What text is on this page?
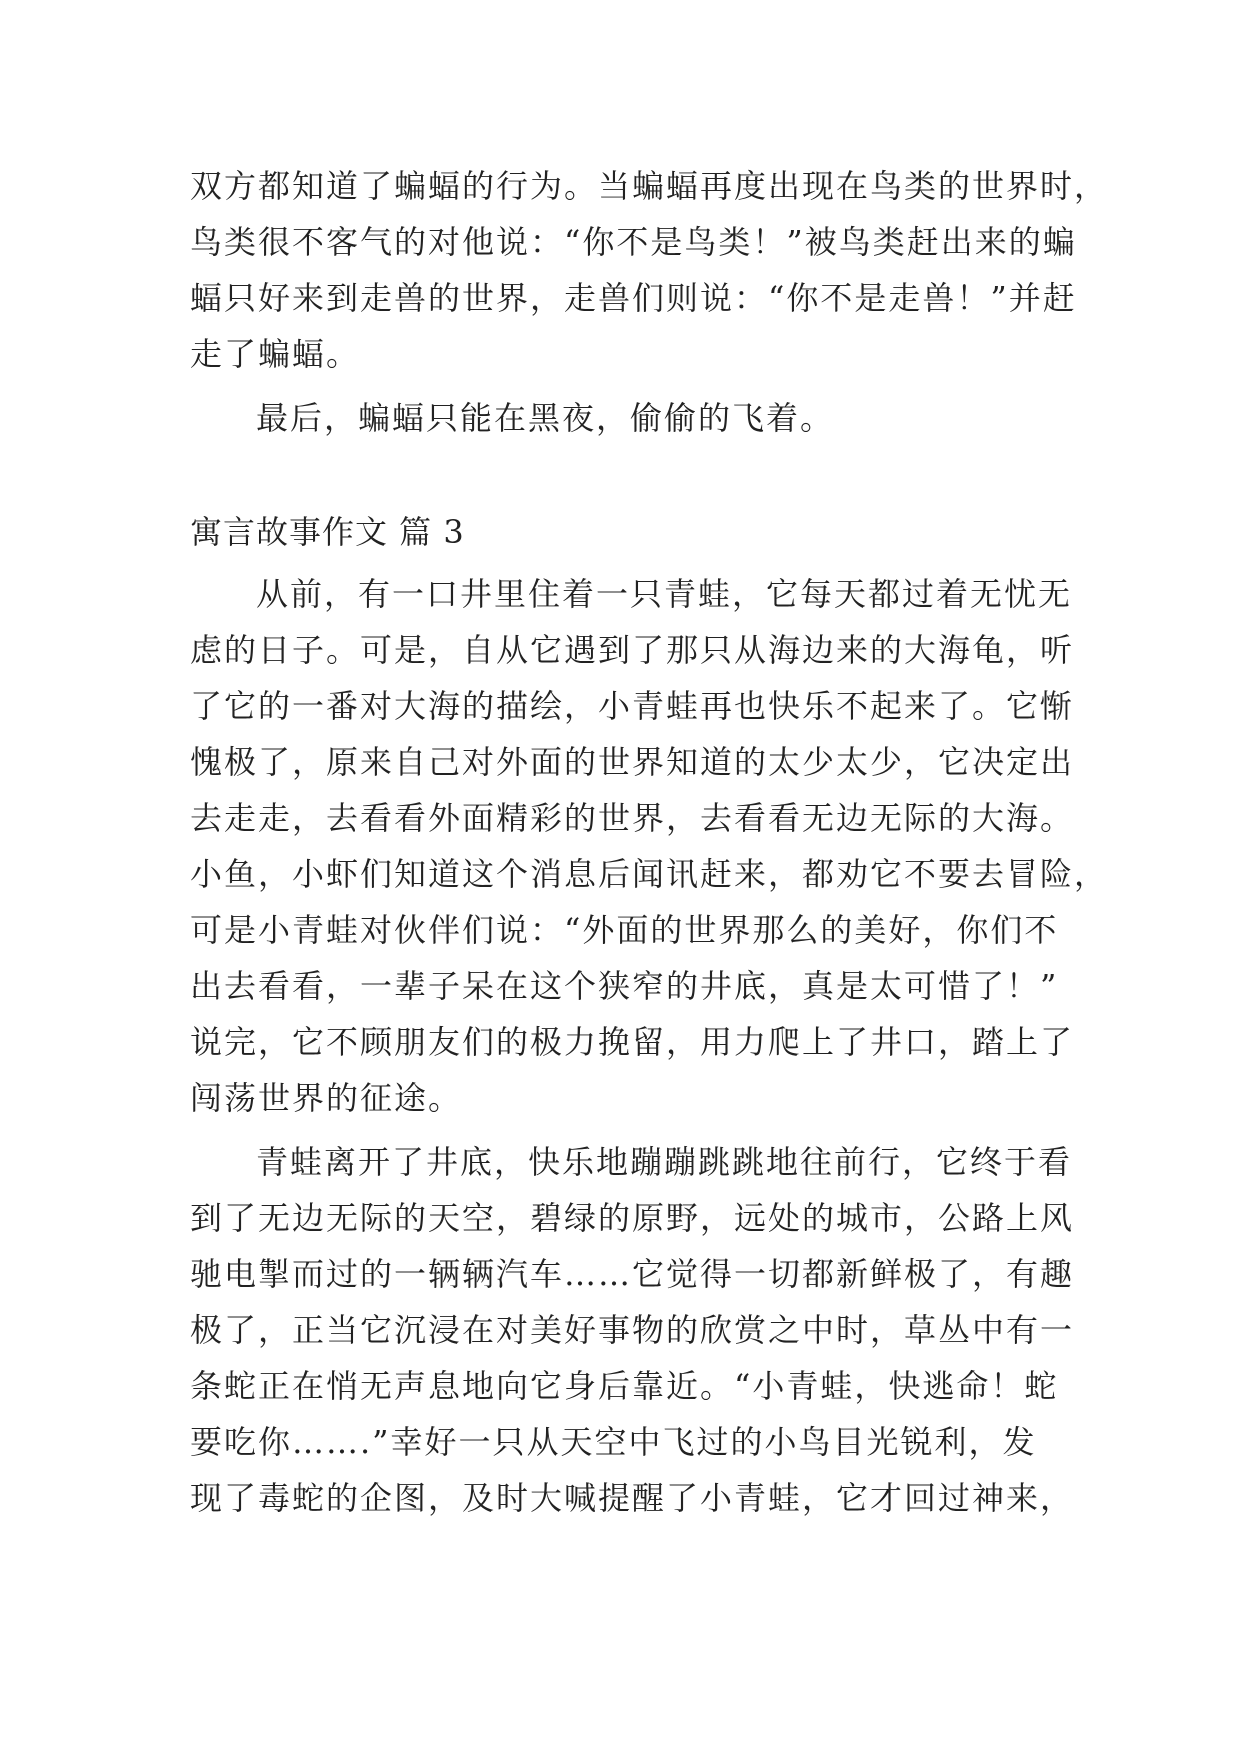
双方都知道了蝙蝠的行为。当蝙蝠再度出现在鸟类的世界时，
鸟类很不客气的对他说：“你不是鸟类！”被鸟类赶出来的蝙
蝠只好来到走兽的世界，走兽们则说：“你不是走兽！”并赶
走了蝙蝠。
最后，蝙蝠只能在黑夜，偷偷的飞着。
寓言故事作文 篇 3
从前，有一口井里住着一只青蛙，它每天都过着无忧无
虑的日子。可是，自从它遇到了那只从海边来的大海龟，听
了它的一番对大海的描绘，小青蛙再也快乐不起来了。它惭
愧极了，原来自己对外面的世界知道的太少太少，它决定出
去走走，去看看外面精彩的世界，去看看无边无际的大海。
小鱼，小虾们知道这个消息后闻讯赶来，都劝它不要去冒险，
可是小青蛙对伙伴们说：“外面的世界那么的美好，你们不
出去看看，一辈子呆在这个狭窄的井底，真是太可惜了！”
说完，它不顾朋友们的极力挽留，用力爬上了井口，踏上了
闯荡世界的征途。
青蛙离开了井底，快乐地蹦蹦跳跳地往前行，它终于看
到了无边无际的天空，碧绿的原野，远处的城市，公路上风
驰电掣而过的一辆辆汽车……它觉得一切都新鲜极了，有趣
极了，正当它沉浸在对美好事物的欣赏之中时，草丛中有一
条蛇正在悄无声息地向它身后靠近。“小青蛙，快逃命！蛇
要吃你…….”幸好一只从天空中飞过的小鸟目光锐利，发
现了毒蛇的企图，及时大喊提醒了小青蛙，它才回过神来，
